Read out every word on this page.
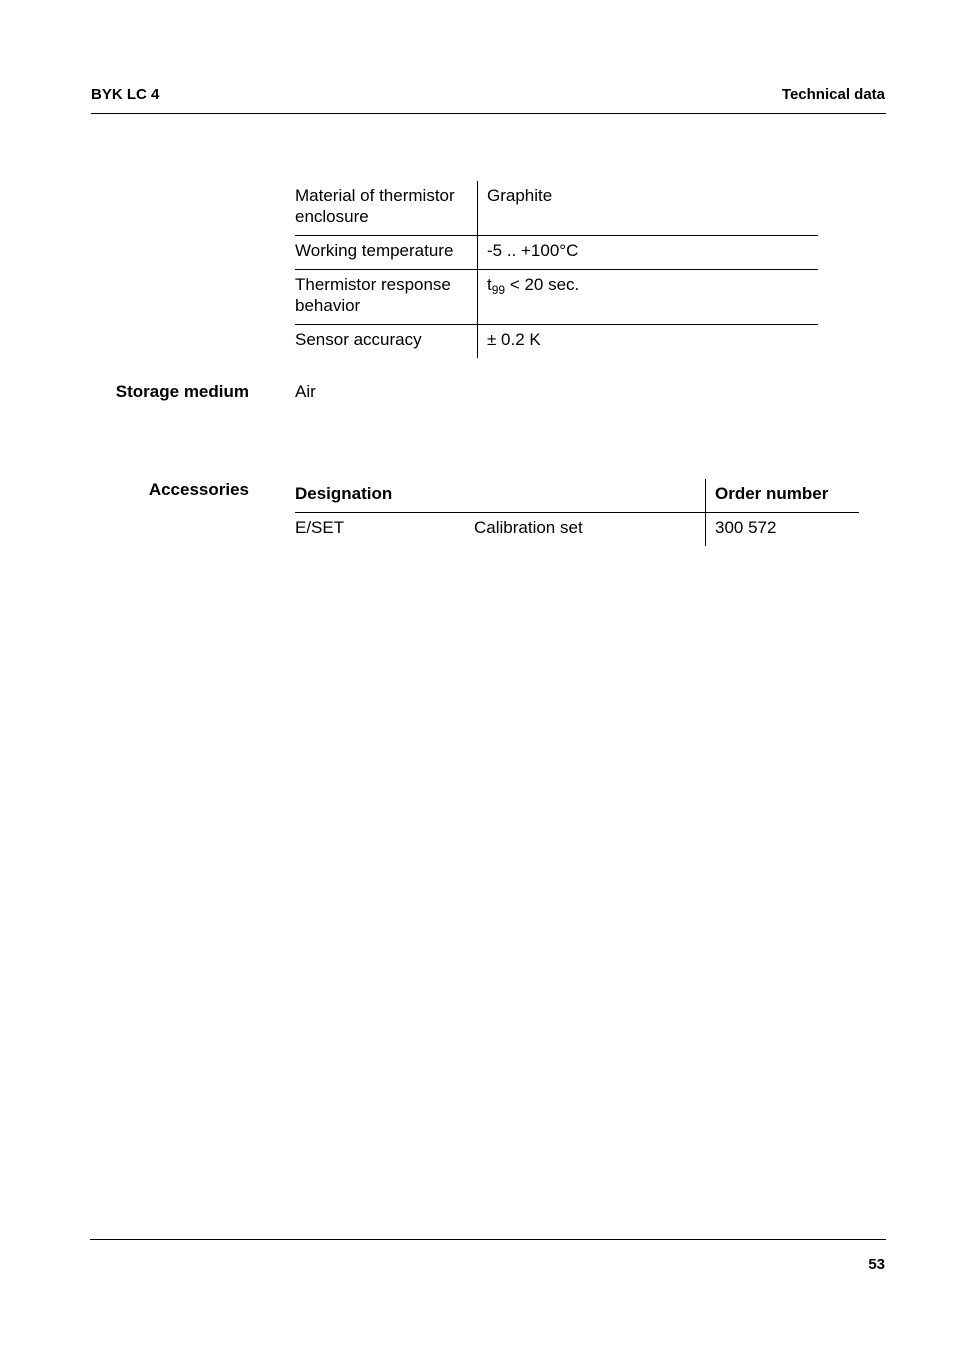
BYK LC 4	Technical data
Material of thermistor enclosure	Graphite
Working temperature	-5 .. +100°C
Thermistor response behavior	$t_{99} < 20$ sec.
Sensor accuracy	± 0.2 K
Storage medium	Air
Accessories	Designation		Order number
E/SET	Calibration set	300 572
53
